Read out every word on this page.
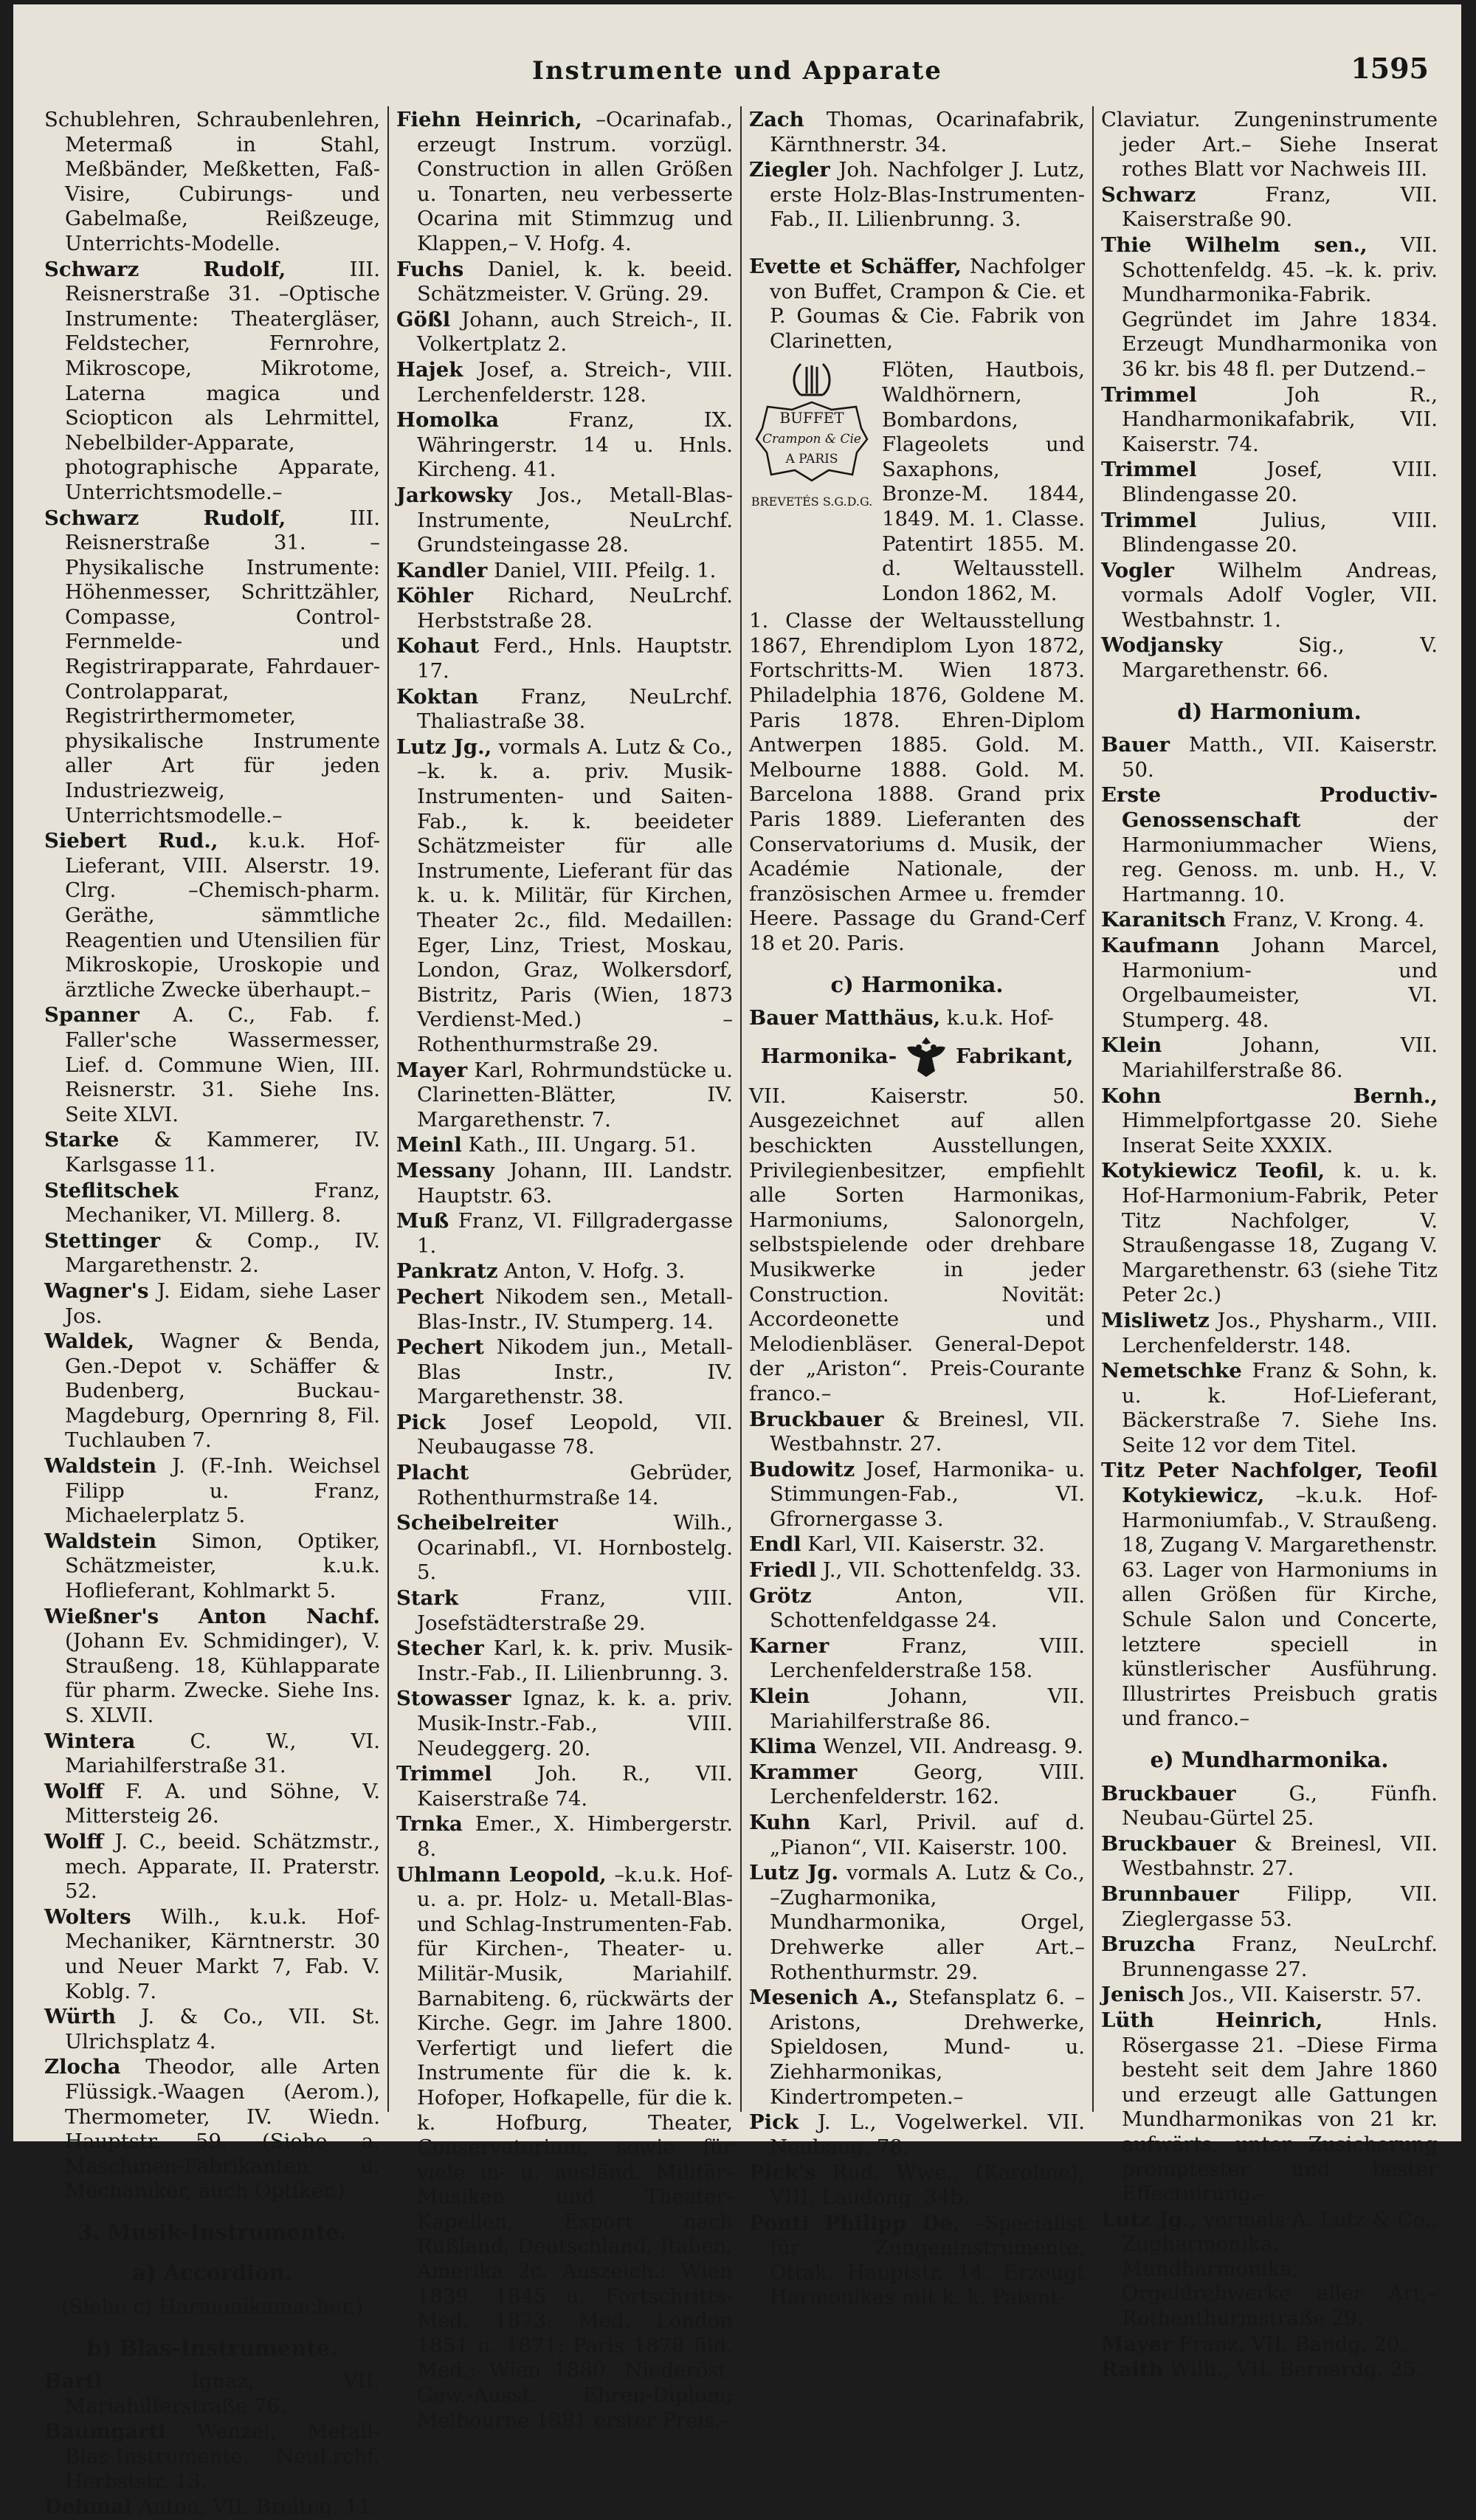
Instrumente und Apparate	1595

Schublehren, Schraubenlehren, Metermaß in Stahl, Meßbänder, Meßketten, Faß-Visire, Cubirungs- und Gabelmaße, Reißzeuge, Unterrichts-Modelle.

Schwarz Rudolf, III. Reisnerstraße 31. –Optische Instrumente: Theatergläser, Feldstecher, Fernrohre, Mikroscope, Mikrotome, Laterna magica und Sciopticon als Lehrmittel, Nebelbilder-Apparate, photographische Apparate, Unterrichtsmodelle.–

Schwarz Rudolf, III. Reisnerstraße 31. –Physikalische Instrumente: Höhenmesser, Schrittzähler, Compasse, Control-Fernmelde- und Registrirapparate, Fahrdauer-Controlapparat, Registrirthermometer, physikalische Instrumente aller Art für jeden Industriezweig, Unterrichtsmodelle.–

Siebert Rud., k.u.k. Hof-Lieferant, VIII. Alserstr. 19. Clrg. –Chemisch-pharm. Geräthe, sämmtliche Reagentien und Utensilien für Mikroskopie, Uroskopie und ärztliche Zwecke überhaupt.–

Spanner A. C., Fab. f. Faller'sche Wassermesser, Lief. d. Commune Wien, III. Reisnerstr. 31. Siehe Ins. Seite XLVI.

Starke & Kammerer, IV. Karlsgasse 11.

Steflitschek Franz, Mechaniker, VI. Millerg. 8.

Stettinger & Comp., IV. Margarethenstr. 2.

Wagner's J. Eidam, siehe Laser Jos.

Waldek, Wagner & Benda, Gen.-Depot v. Schäffer & Budenberg, Buckau-Magdeburg, Opernring 8, Fil. Tuchlauben 7.

Waldstein J. (F.-Inh. Weichsel Filipp u. Franz, Michaelerplatz 5.

Waldstein Simon, Optiker, Schätzmeister, k.u.k. Hoflieferant, Kohlmarkt 5.

Wießner's Anton Nachf. (Johann Ev. Schmidinger), V. Straußeng. 18, Kühlapparate für pharm. Zwecke. Siehe Ins. S. XLVII.

Wintera C. W., VI. Mariahilferstraße 31.

Wolff F. A. und Söhne, V. Mittersteig 26.

Wolff J. C., beeid. Schätzmstr., mech. Apparate, II. Praterstr. 52.

Wolters Wilh., k.u.k. Hof-Mechaniker, Kärntnerstr. 30 und Neuer Markt 7, Fab. V. Koblg. 7.

Würth J. & Co., VII. St. Ulrichsplatz 4.

Zlocha Theodor, alle Arten Flüssigk.-Waagen (Aerom.), Thermometer, IV. Wiedn. Hauptstr. 59. (Siehe a. Maschinen-Fabrikanten u. Mechaniker, auch Optiker.)

3. Musik-Instrumente.

a) Accordion.

(Siehe c) Harmonikamacher.)

b) Blas-Instrumente.

Bartl Ignaz, VII. Mariahilferstraße 76.

Baumgartl Wenzel, Metall-Blas-Instrumente, NeuLrchf. Herbststr. 13.

Dehmal Anton, VII. Breiteg. 11.

Fiehn Heinrich, –Ocarinafab., erzeugt Instrum. vorzügl. Construction in allen Größen u. Tonarten, neu verbesserte Ocarina mit Stimmzug und Klappen,– V. Hofg. 4.

Fuchs Daniel, k. k. beeid. Schätzmeister. V. Grüng. 29.

Gößl Johann, auch Streich-, II. Volkertplatz 2.

Hajek Josef, a. Streich-, VIII. Lerchenfelderstr. 128.

Homolka Franz, IX. Währingerstr. 14 u. Hnls. Kircheng. 41.

Jarkowsky Jos., Metall-Blas-Instrumente, NeuLrchf. Grundsteingasse 28.

Kandler Daniel, VIII. Pfeilg. 1.

Köhler Richard, NeuLrchf. Herbststraße 28.

Kohaut Ferd., Hnls. Hauptstr. 17.

Koktan Franz, NeuLrchf. Thaliastraße 38.

Lutz Jg., vormals A. Lutz & Co., –k. k. a. priv. Musik-Instrumenten- und Saiten-Fab., k. k. beeideter Schätzmeister für alle Instrumente, Lieferant für das k. u. k. Militär, für Kirchen, Theater 2c., fild. Medaillen: Eger, Linz, Triest, Moskau, London, Graz, Wolkersdorf, Bistritz, Paris (Wien, 1873 Verdienst-Med.) –Rothenthurmstraße 29.

Mayer Karl, Rohrmundstücke u. Clarinetten-Blätter, IV. Margarethenstr. 7.

Meinl Kath., III. Ungarg. 51.

Messany Johann, III. Landstr. Hauptstr. 63.

Muß Franz, VI. Fillgradergasse 1.

Pankratz Anton, V. Hofg. 3.

Pechert Nikodem sen., Metall-Blas-Instr., IV. Stumperg. 14.

Pechert Nikodem jun., Metall-Blas Instr., IV. Margarethenstr. 38.

Pick Josef Leopold, VII. Neubaugasse 78.

Placht Gebrüder, Rothenthurmstraße 14.

Scheibelreiter Wilh., Ocarinabfl., VI. Hornbostelg. 5.

Stark Franz, VIII. Josefstädterstraße 29.

Stecher Karl, k. k. priv. Musik-Instr.-Fab., II. Lilienbrunng. 3.

Stowasser Ignaz, k. k. a. priv. Musik-Instr.-Fab., VIII. Neudeggerg. 20.

Trimmel Joh. R., VII. Kaiserstraße 74.

Trnka Emer., X. Himbergerstr. 8.

Uhlmann Leopold, –k.u.k. Hof- u. a. pr. Holz- u. Metall-Blas- und Schlag-Instrumenten-Fab. für Kirchen-, Theater- u. Militär-Musik, Mariahilf. Barnabiteng. 6, rückwärts der Kirche. Gegr. im Jahre 1800. Verfertigt und liefert die Instrumente für die k. k. Hofoper, Hofkapelle, für die k. k. Hofburg, Theater, Conservatorium, sowie für viele in- u. ausländ. Militär-Musiken und Theater-Kapellen, Export nach Rußland, Deutschland, Italien, Amerika 2c. Auszeich.: Wien 1839, 1845 u. Fortschritts-Med. 1873; Med. London 1851 u. 1871; Paris 1878 fild. Med.; Wien 1880, Niederöst. Gew.-Ausst. Ehren-Diplom; Melbourne 1881 erster Preis.–

Zach Thomas, Ocarinafabrik, Kärnthnerstr. 34.

Ziegler Joh. Nachfolger J. Lutz, erste Holz-Blas-Instrumenten-Fab., II. Lilienbrunng. 3.

Evette et Schäffer, Nachfolger von Buffet, Crampon & Cie. et P. Goumas & Cie. Fabrik von Clarinetten,

BUFFET
Crampon & Cie
A PARIS
BREVETÉS S.G.D.G.
Flöten, Hautbois, Waldhörnern, Bombardons, Flageolets und Saxaphons, Bronze-M. 1844, 1849. M. 1. Classe. Patentirt 1855. M. d. Weltausstell. London 1862, M.

1. Classe der Weltausstellung 1867, Ehrendiplom Lyon 1872, Fortschritts-M. Wien 1873. Philadelphia 1876, Goldene M. Paris 1878. Ehren-Diplom Antwerpen 1885. Gold. M. Melbourne 1888. Gold. M. Barcelona 1888. Grand prix Paris 1889. Lieferanten des Conservatoriums d. Musik, der Académie Nationale, der französischen Armee u. fremder Heere. Passage du Grand-Cerf 18 et 20. Paris.

c) Harmonika.

Bauer Matthäus, k.u.k. Hof-

Harmonika-	Fabrikant,

VII. Kaiserstr. 50. Ausgezeichnet auf allen beschickten Ausstellungen, Privilegienbesitzer, empfiehlt alle Sorten Harmonikas, Harmoniums, Salonorgeln, selbstspielende oder drehbare Musikwerke in jeder Construction. Novität: Accordeonette und Melodienbläser. General-Depot der „Ariston“. Preis-Courante franco.–

Bruckbauer & Breinesl, VII. Westbahnstr. 27.

Budowitz Josef, Harmonika- u. Stimmungen-Fab., VI. Gfrornergasse 3.

Endl Karl, VII. Kaiserstr. 32.

Friedl J., VII. Schottenfeldg. 33.

Grötz Anton, VII. Schottenfeldgasse 24.

Karner Franz, VIII. Lerchenfelderstraße 158.

Klein Johann, VII. Mariahilferstraße 86.

Klima Wenzel, VII. Andreasg. 9.

Krammer Georg, VIII. Lerchenfelderstr. 162.

Kuhn Karl, Privil. auf d. „Pianon“, VII. Kaiserstr. 100.

Lutz Jg. vormals A. Lutz & Co., –Zugharmonika, Mundharmonika, Orgel, Drehwerke aller Art.– Rothenthurmstr. 29.

Mesenich A., Stefansplatz 6. –Aristons, Drehwerke, Spieldosen, Mund- u. Ziehharmonikas, Kindertrompeten.–

Pick J. L., Vogelwerkel. VII. Neubaug. 78.

Pick's Rud. Wwe., (Karoline), VIII. Laudong. 34b.

Ponti Philipp De, –Specialist für Zungeninstrumente, Ottak. Hauptstr. 14. Erzeugt Harmonikas mit k. k. Patent-

Claviatur. Zungeninstrumente jeder Art.– Siehe Inserat rothes Blatt vor Nachweis III.

Schwarz Franz, VII. Kaiserstraße 90.

Thie Wilhelm sen., VII. Schottenfeldg. 45. –k. k. priv. Mundharmonika-Fabrik. Gegründet im Jahre 1834. Erzeugt Mundharmonika von 36 kr. bis 48 fl. per Dutzend.–

Trimmel Joh R., Handharmonikafabrik, VII. Kaiserstr. 74.

Trimmel Josef, VIII. Blindengasse 20.

Trimmel Julius, VIII. Blindengasse 20.

Vogler Wilhelm Andreas, vormals Adolf Vogler, VII. Westbahnstr. 1.

Wodjansky Sig., V. Margarethenstr. 66.

d) Harmonium.

Bauer Matth., VII. Kaiserstr. 50.

Erste Productiv-Genossenschaft der Harmoniummacher Wiens, reg. Genoss. m. unb. H., V. Hartmanng. 10.

Karanitsch Franz, V. Krong. 4.

Kaufmann Johann Marcel, Harmonium- und Orgelbaumeister, VI. Stumperg. 48.

Klein Johann, VII. Mariahilferstraße 86.

Kohn Bernh., Himmelpfortgasse 20. Siehe Inserat Seite XXXIX.

Kotykiewicz Teofil, k. u. k. Hof-Harmonium-Fabrik, Peter Titz Nachfolger, V. Straußengasse 18, Zugang V. Margarethenstr. 63 (siehe Titz Peter 2c.)

Misliwetz Jos., Physharm., VIII. Lerchenfelderstr. 148.

Nemetschke Franz & Sohn, k. u. k. Hof-Lieferant, Bäckerstraße 7. Siehe Ins. Seite 12 vor dem Titel.

Titz Peter Nachfolger, Teofil Kotykiewicz, –k.u.k. Hof-Harmoniumfab., V. Straußeng. 18, Zugang V. Margarethenstr. 63. Lager von Harmoniums in allen Größen für Kirche, Schule Salon und Concerte, letztere speciell in künstlerischer Ausführung. Illustrirtes Preisbuch gratis und franco.–

e) Mundharmonika.

Bruckbauer G., Fünfh. Neubau-Gürtel 25.

Bruckbauer & Breinesl, VII. Westbahnstr. 27.

Brunnbauer Filipp, VII. Zieglergasse 53.

Bruzcha Franz, NeuLrchf. Brunnengasse 27.

Jenisch Jos., VII. Kaiserstr. 57.

Lüth Heinrich, Hnls. Rösergasse 21. –Diese Firma besteht seit dem Jahre 1860 und erzeugt alle Gattungen Mundharmonikas von 21 kr. aufwärts, unter Zusicherung promptester und bester Effectuirung.–

Lutz Jg., vormals A. Lutz & Co., Zugharmonika, Mundharmonika, Orgeldrehwerke aller Art,– Rothenthurmstraße 29.

Mayer Franz, VII. Bandg. 20.

Raith Wilh., VII. Bernardg. 25.
